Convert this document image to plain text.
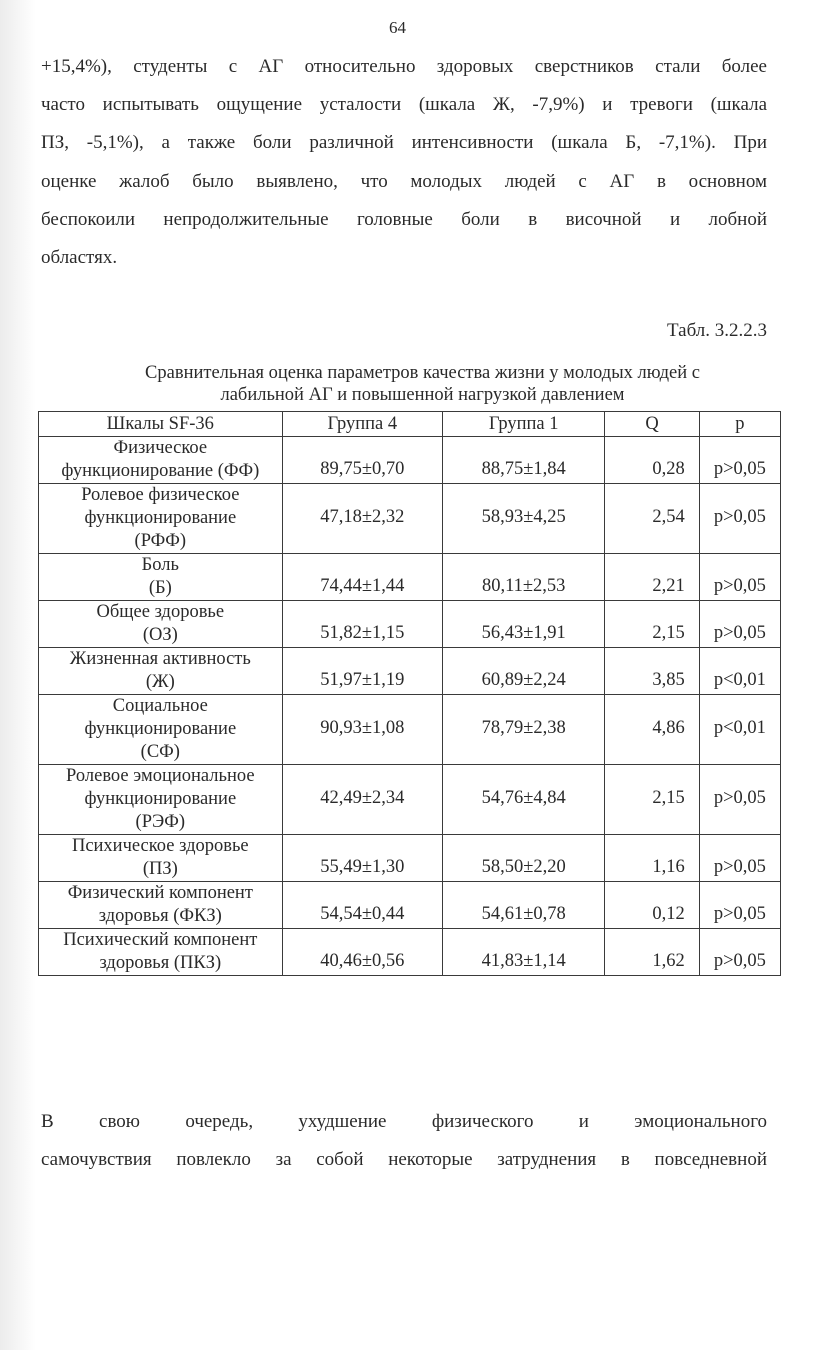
64
+15,4%), студенты с АГ относительно здоровых сверстников стали более
часто испытывать ощущение усталости (шкала Ж, -7,9%) и тревоги (шкала
ПЗ, -5,1%), а также боли различной интенсивности (шкала Б, -7,1%). При
оценке жалоб было выявлено, что молодых людей с АГ в основном
беспокоили непродолжительные головные боли в височной и лобной
областях.
Табл. 3.2.2.3
Сравнительная оценка параметров качества жизни у молодых людей с
лабильной АГ и повышенной нагрузкой давлением
Шкалы SF-36	Группа 4	Группа 1	Q	р

Физическое
функционирование (ФФ)	89,75±0,70	88,75±1,84	0,28	р>0,05

Ролевое физическое
функционирование
(РФФ)	47,18±2,32	58,93±4,25	2,54	р>0,05

Боль
(Б)	74,44±1,44	80,11±2,53	2,21	р>0,05

Общее здоровье
(ОЗ)	51,82±1,15	56,43±1,91	2,15	р>0,05

Жизненная активность
(Ж)	51,97±1,19	60,89±2,24	3,85	р<0,01

Социальное
функционирование
(СФ)	90,93±1,08	78,79±2,38	4,86	р<0,01

Ролевое эмоциональное
функционирование
(РЭФ)	42,49±2,34	54,76±4,84	2,15	р>0,05

Психическое здоровье
(ПЗ)	55,49±1,30	58,50±2,20	1,16	р>0,05

Физический компонент
здоровья (ФКЗ)	54,54±0,44	54,61±0,78	0,12	р>0,05

Психический компонент
здоровья (ПКЗ)	40,46±0,56	41,83±1,14	1,62	р>0,05
В свою очередь, ухудшение физического и эмоционального
самочувствия повлекло за собой некоторые затруднения в повседневной
